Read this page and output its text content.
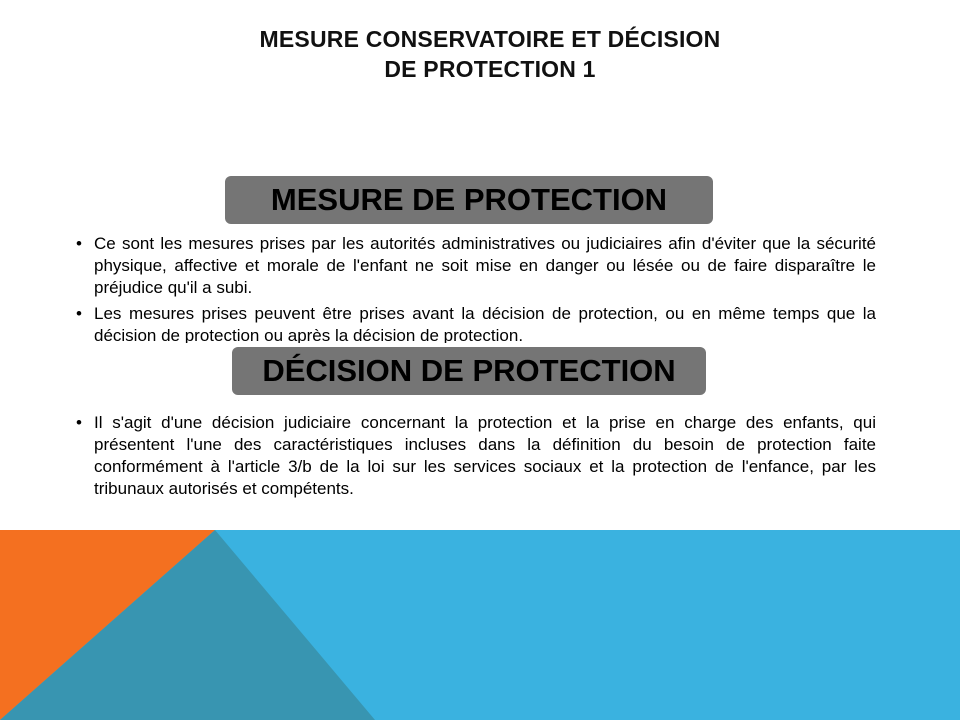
MESURE CONSERVATOIRE ET DÉCISION
DE PROTECTION 1
MESURE DE PROTECTION
• Ce sont les mesures prises par les autorités administratives ou judiciaires afin d'éviter que la sécurité physique, affective et morale de l'enfant ne soit mise en danger ou lésée ou de faire disparaître le préjudice qu'il a subi.
• Les mesures prises peuvent être prises avant la décision de protection, ou en même temps que la décision de protection ou après la décision de protection.
DÉCISION DE PROTECTION
• Il s'agit d'une décision judiciaire concernant la protection et la prise en charge des enfants, qui présentent l'une des caractéristiques incluses dans la définition du besoin de protection faite conformément à l'article 3/b de la loi sur les services sociaux et la protection de l'enfance, par les tribunaux autorisés et compétents.
